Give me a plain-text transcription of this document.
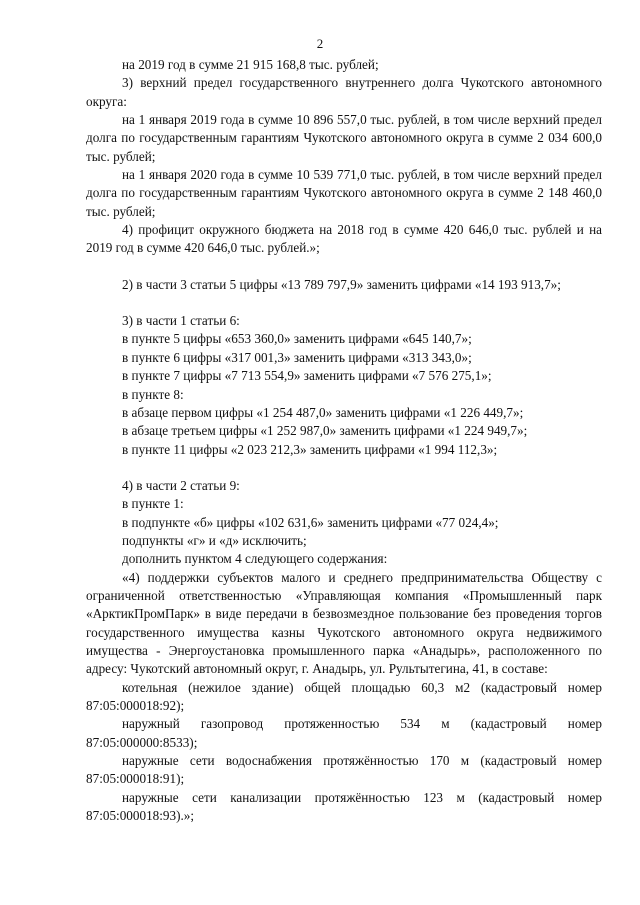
2

на 2019 год в сумме 21 915 168,8 тыс. рублей;

3) верхний предел государственного внутреннего долга Чукотского автономного округа:

на 1 января 2019 года в сумме 10 896 557,0 тыс. рублей, в том числе верхний предел долга по государственным гарантиям Чукотского автономного округа в сумме 2 034 600,0 тыс. рублей;

на 1 января 2020 года в сумме 10 539 771,0 тыс. рублей, в том числе верхний предел долга по государственным гарантиям Чукотского автономного округа в сумме 2 148 460,0 тыс. рублей;

4) профицит окружного бюджета на 2018 год в сумме 420 646,0 тыс. рублей и на 2019 год в сумме 420 646,0 тыс. рублей.»;

2) в части 3 статьи 5 цифры «13 789 797,9» заменить цифрами «14 193 913,7»;

3) в части 1 статьи 6:

в пункте 5 цифры «653 360,0» заменить цифрами «645 140,7»;

в пункте 6 цифры «317 001,3» заменить цифрами «313 343,0»;

в пункте 7 цифры «7 713 554,9» заменить цифрами «7 576 275,1»;

в пункте 8:

в абзаце первом цифры «1 254 487,0» заменить цифрами «1 226 449,7»;

в абзаце третьем цифры «1 252 987,0» заменить цифрами «1 224 949,7»;

в пункте 11 цифры «2 023 212,3» заменить цифрами «1 994 112,3»;

4) в части 2 статьи 9:

в пункте 1:

в подпункте «б» цифры «102 631,6» заменить цифрами «77 024,4»;

подпункты «г» и «д» исключить;

дополнить пунктом 4 следующего содержания:

«4) поддержки субъектов малого и среднего предпринимательства Обществу с ограниченной ответственностью «Управляющая компания «Промышленный парк «АрктикПромПарк» в виде передачи в безвозмездное пользование без проведения торгов государственного имущества казны Чукотского автономного округа недвижимого имущества - Энергоустановка промышленного парка «Анадырь», расположенного по адресу: Чукотский автономный округ, г. Анадырь, ул. Рультытегина, 41, в составе:

котельная (нежилое здание) общей площадью 60,3 м2 (кадастровый номер 87:05:000018:92);

наружный газопровод протяженностью 534 м (кадастровый номер 87:05:000000:8533);

наружные сети водоснабжения протяжённостью 170 м (кадастровый номер 87:05:000018:91);

наружные сети канализации протяжённостью 123 м (кадастровый номер 87:05:000018:93).»;
